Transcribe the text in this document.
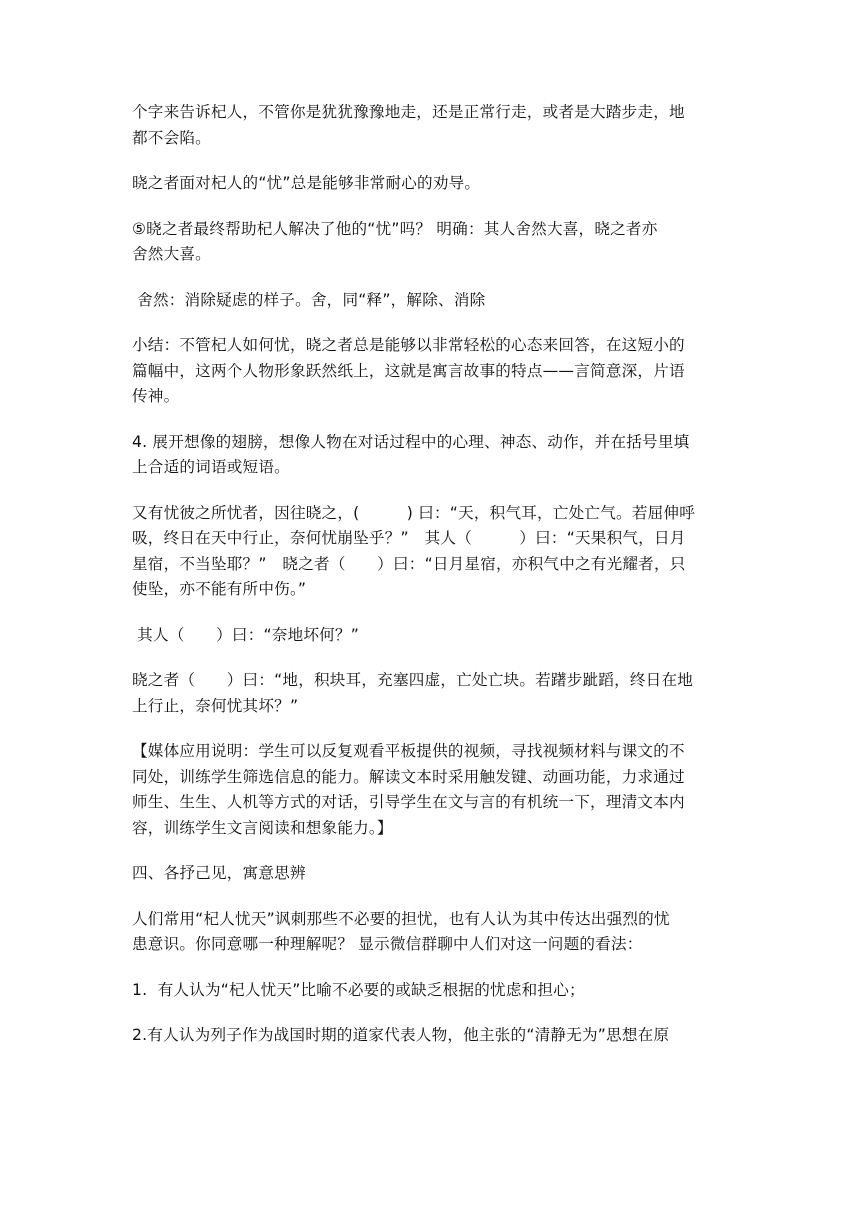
个字来告诉杞人，不管你是犹犹豫豫地走，还是正常行走，或者是大踏步走，地
都不会陷。

晓之者面对杞人的“忧”总是能够非常耐心的劝导。

⑤晓之者最终帮助杞人解决了他的“忧”吗？ 明确：其人舍然大喜，晓之者亦
舍然大喜。

舍然：消除疑虑的样子。舍，同“释”，解除、消除

小结：不管杞人如何忧，晓之者总是能够以非常轻松的心态来回答，在这短小的
篇幅中，这两个人物形象跃然纸上，这就是寓言故事的特点——言简意深，片语
传神。

4. 展开想像的翅膀，想像人物在对话过程中的心理、神态、动作，并在括号里填
上合适的词语或短语。

又有忧彼之所忧者，因往晓之，(　　　) 曰：“天，积气耳，亡处亡气。若屈伸呼
吸，终日在天中行止，奈何忧崩坠乎？”　其人（　　　）曰：“天果积气，日月
星宿，不当坠耶？”　晓之者（　　）曰：“日月星宿，亦积气中之有光耀者，只
使坠，亦不能有所中伤。”

其人（　　）曰：“奈地坏何？”

晓之者（　　）曰：“地，积块耳，充塞四虚，亡处亡块。若躇步跐蹈，终日在地
上行止，奈何忧其坏？”

【媒体应用说明：学生可以反复观看平板提供的视频，寻找视频材料与课文的不
同处，训练学生筛选信息的能力。解读文本时采用触发键、动画功能，力求通过
师生、生生、人机等方式的对话，引导学生在文与言的有机统一下，理清文本内
容，训练学生文言阅读和想象能力。】

四、各抒己见，寓意思辨

人们常用“杞人忧天”讽刺那些不必要的担忧，也有人认为其中传达出强烈的忧
患意识。你同意哪一种理解呢？ 显示微信群聊中人们对这一问题的看法：

1.  有人认为“杞人忧天”比喻不必要的或缺乏根据的忧虑和担心；

2.有人认为列子作为战国时期的道家代表人物，他主张的“清静无为”思想在原
